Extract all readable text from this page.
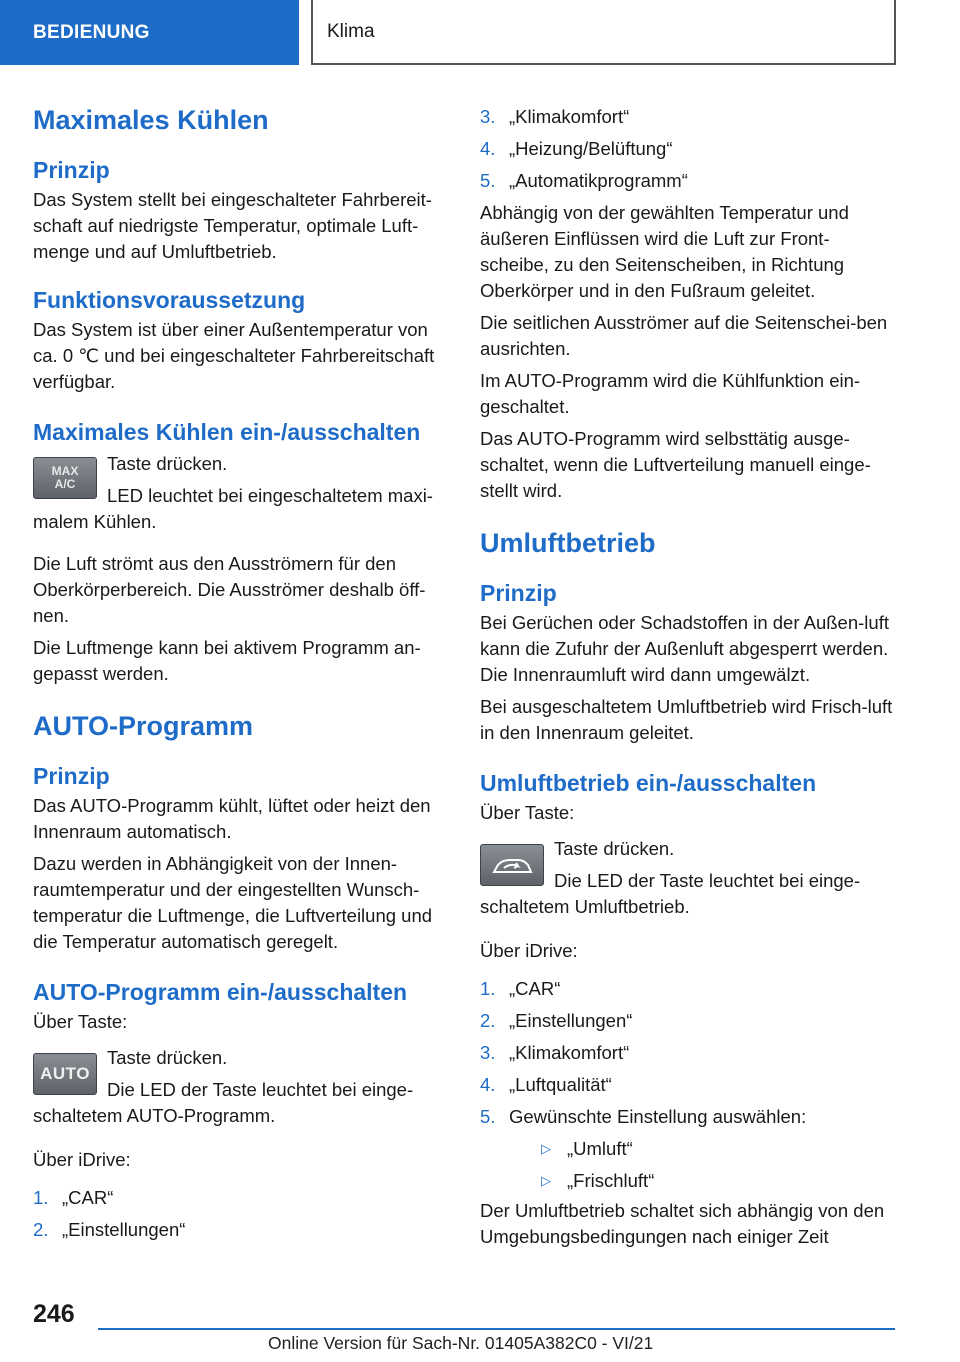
BEDIENUNG	Klima
Maximales Kühlen
Prinzip

Das System stellt bei eingeschalteter Fahrbereit-schaft auf niedrigste Temperatur, optimale Luft-menge und auf Umluftbetrieb.

Funktionsvoraussetzung

Das System ist über einer Außentemperatur von ca. 0 ℃ und bei eingeschalteter Fahrbereitschaft verfügbar.

Maximales Kühlen ein-/ausschalten
MAX
A/C

Taste drücken.

LED leuchtet bei eingeschaltetem maxi-malem Kühlen.

Die Luft strömt aus den Ausströmern für den Oberkörperbereich. Die Ausströmer deshalb öff-nen.

Die Luftmenge kann bei aktivem Programm an-gepasst werden.

AUTO-Programm
Prinzip

Das AUTO-Programm kühlt, lüftet oder heizt den Innenraum automatisch.

Dazu werden in Abhängigkeit von der Innen-raumtemperatur und der eingestellten Wunsch-temperatur die Luftmenge, die Luftverteilung und die Temperatur automatisch geregelt.

AUTO-Programm ein-/ausschalten

Über Taste:

AUTO

Taste drücken.

Die LED der Taste leuchtet bei einge-schaltetem AUTO-Programm.

Über iDrive:

1. „CAR“
2. „Einstellungen“
3. „Klimakomfort“
4. „Heizung/Belüftung“
5. „Automatikprogramm“

Abhängig von der gewählten Temperatur und äußeren Einflüssen wird die Luft zur Front-scheibe, zu den Seitenscheiben, in Richtung Oberkörper und in den Fußraum geleitet.

Die seitlichen Ausströmer auf die Seitenschei-ben ausrichten.

Im AUTO-Programm wird die Kühlfunktion ein-geschaltet.

Das AUTO-Programm wird selbsttätig ausge-schaltet, wenn die Luftverteilung manuell einge-stellt wird.

Umluftbetrieb
Prinzip

Bei Gerüchen oder Schadstoffen in der Außen-luft kann die Zufuhr der Außenluft abgesperrt werden. Die Innenraumluft wird dann umgewälzt.

Bei ausgeschaltetem Umluftbetrieb wird Frisch-luft in den Innenraum geleitet.

Umluftbetrieb ein-/ausschalten

Über Taste:

Taste drücken.

Die LED der Taste leuchtet bei einge-schaltetem Umluftbetrieb.

Über iDrive:

1. „CAR“
2. „Einstellungen“
3. „Klimakomfort“
4. „Luftqualität“
5. Gewünschte Einstellung auswählen:
▷ „Umluft“
▷ „Frischluft“

Der Umluftbetrieb schaltet sich abhängig von den Umgebungsbedingungen nach einiger Zeit

246
Online Version für Sach-Nr. 01405A382C0 - VI/21
